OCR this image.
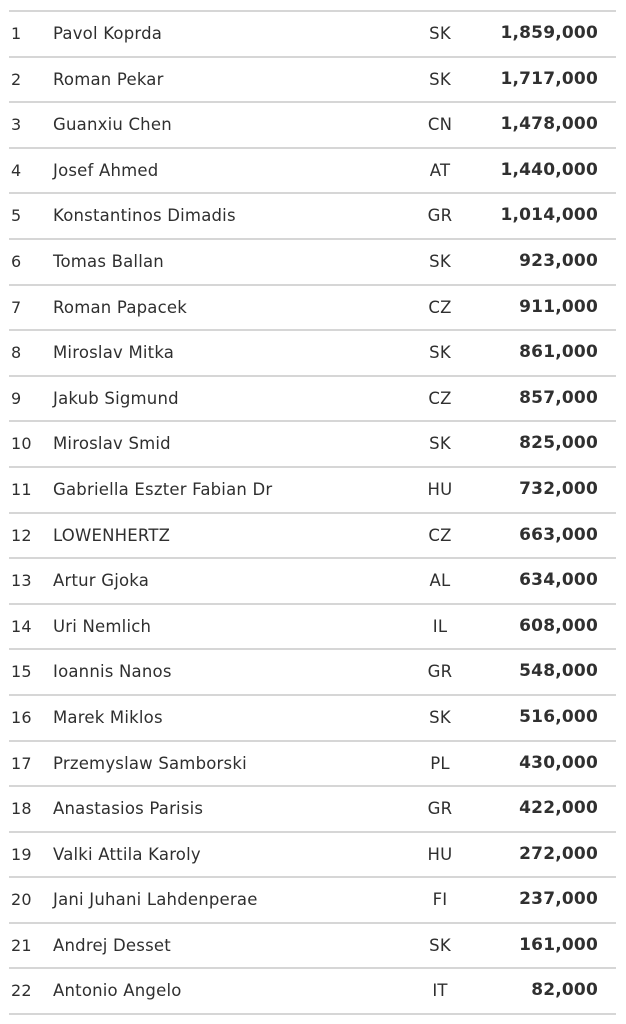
1	Pavol Koprda	SK	1,859,000
2	Roman Pekar	SK	1,717,000
3	Guanxiu Chen	CN	1,478,000
4	Josef Ahmed	AT	1,440,000
5	Konstantinos Dimadis	GR	1,014,000
6	Tomas Ballan	SK	923,000
7	Roman Papacek	CZ	911,000
8	Miroslav Mitka	SK	861,000
9	Jakub Sigmund	CZ	857,000
10	Miroslav Smid	SK	825,000
11	Gabriella Eszter Fabian Dr	HU	732,000
12	LOWENHERTZ	CZ	663,000
13	Artur Gjoka	AL	634,000
14	Uri Nemlich	IL	608,000
15	Ioannis Nanos	GR	548,000
16	Marek Miklos	SK	516,000
17	Przemyslaw Samborski	PL	430,000
18	Anastasios Parisis	GR	422,000
19	Valki Attila Karoly	HU	272,000
20	Jani Juhani Lahdenperae	FI	237,000
21	Andrej Desset	SK	161,000
22	Antonio Angelo	IT	82,000
